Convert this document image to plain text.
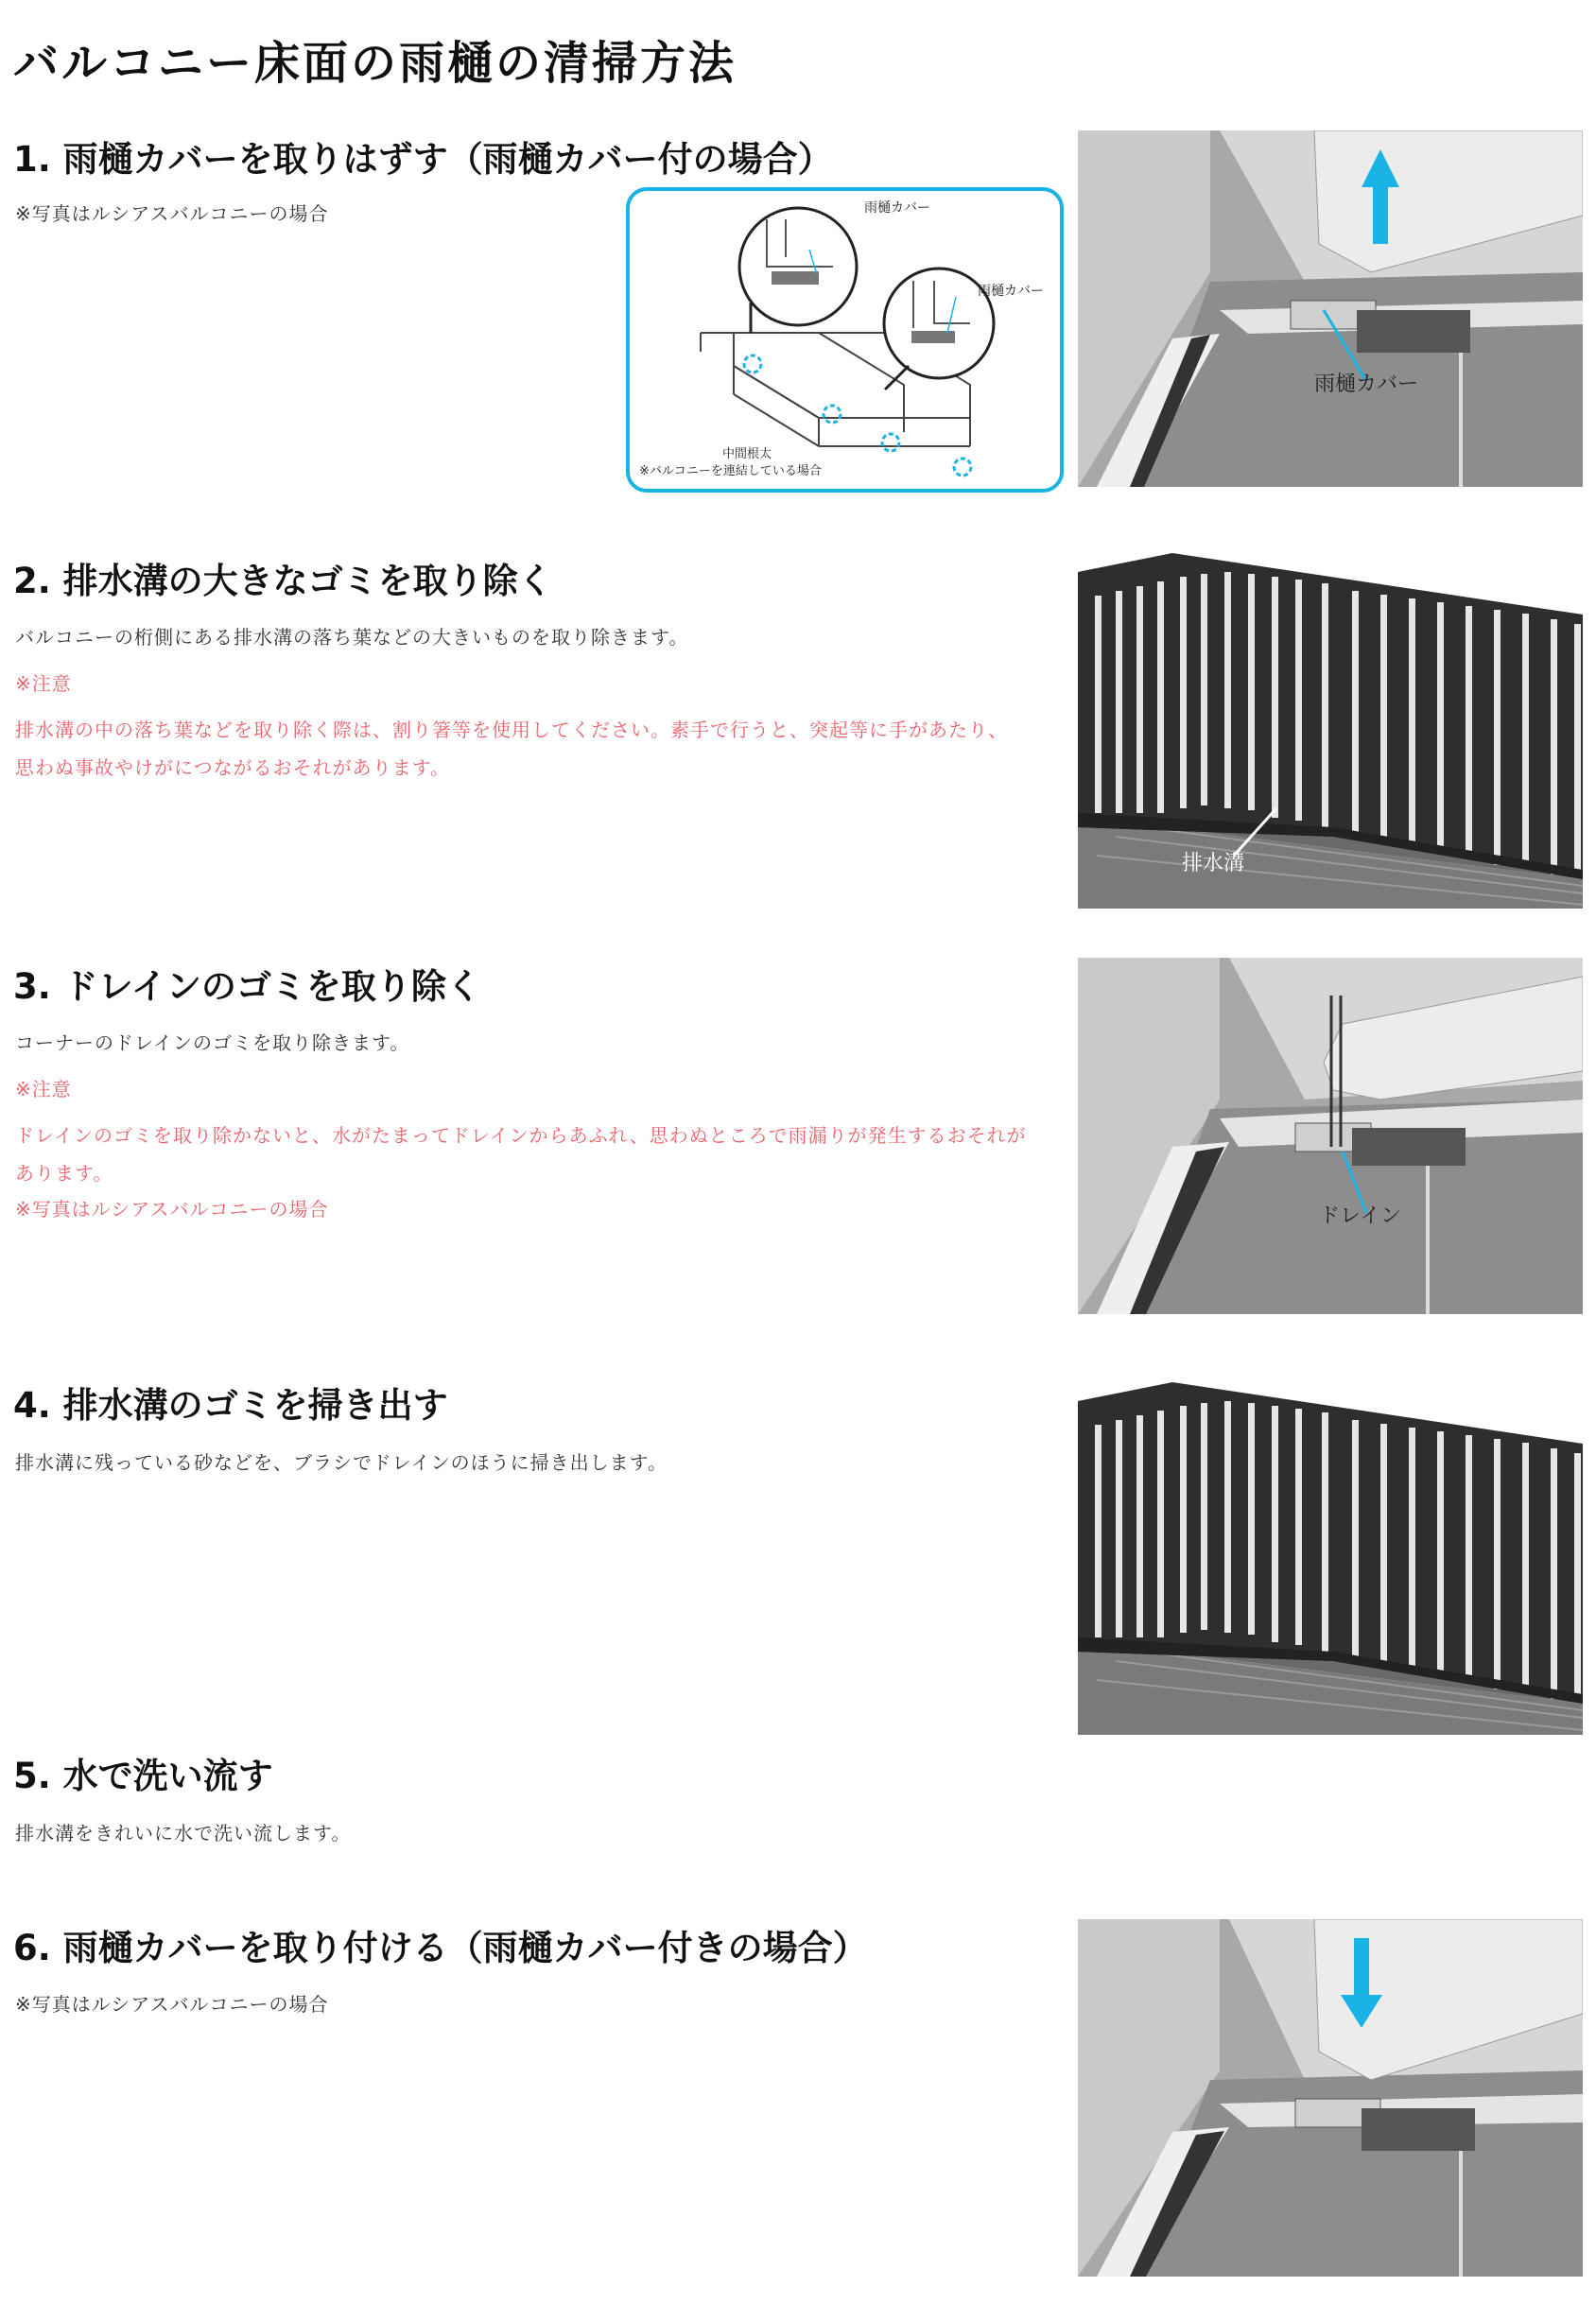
バルコニー床面の雨樋の清掃方法
1. 雨樋カバーを取りはずす（雨樋カバー付の場合）

※写真はルシアスバルコニーの場合	雨樋カバー
雨樋カバー
中間根太
※バルコニーを連結している場合
雨樋カバー
2. 排水溝の大きなゴミを取り除く

バルコニーの桁側にある排水溝の落ち葉などの大きいものを取り除きます。

※注意

排水溝の中の落ち葉などを取り除く際は、割り箸等を使用してください。素手で行うと、突起等に手があたり、思わぬ事故やけがにつながるおそれがあります。

排水溝
3. ドレインのゴミを取り除く

コーナーのドレインのゴミを取り除きます。

※注意

ドレインのゴミを取り除かないと、水がたまってドレインからあふれ、思わぬところで雨漏りが発生するおそれがあります。

※写真はルシアスバルコニーの場合	ドレイン
4. 排水溝のゴミを掃き出す

排水溝に残っている砂などを、ブラシでドレインのほうに掃き出します。

5. 水で洗い流す

排水溝をきれいに水で洗い流します。

6. 雨樋カバーを取り付ける（雨樋カバー付きの場合）

※写真はルシアスバルコニーの場合
